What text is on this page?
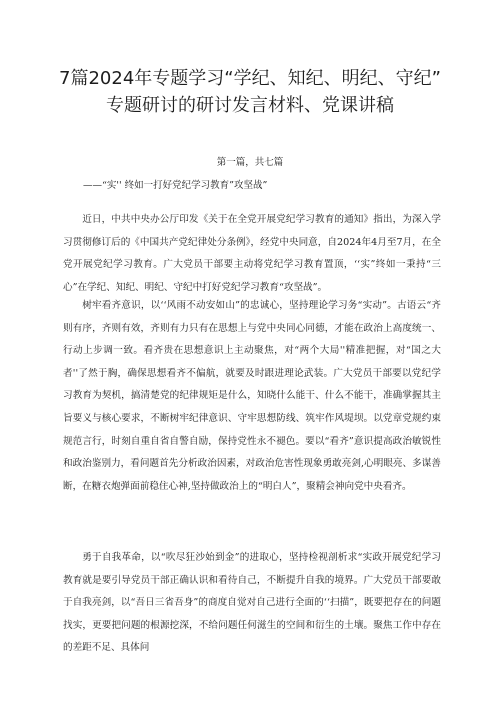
7篇2024年专题学习“学纪、知纪、明纪、守纪”
专题研讨的研讨发言材料、党课讲稿
第一篇，共七篇
——“实'' 终如一打好党纪学习教育”攻坚战”

近日，中共中央办公厅印发《关于在全党开展党纪学习教育的通知》指出，为深入学习贯彻修订后的《中国共产党纪律处分条例》，经党中央同意，自2024年4月至7月，在全党开展党纪学习教育。广大党员干部要主动将党纪学习教育置顶，‘‘实”终如一秉持“三心”在学纪、知纪、明纪、守纪中打好党纪学习教育“攻坚战”。

树牢看齐意识，以‘‘风雨不动安如山”的忠诚心，坚持理论学习务“实动”。古语云“齐则有序，齐则有效，齐则有力只有在思想上与党中央同心同德，才能在政治上高度统一、行动上步调一致。看齐贵在思想意识上主动聚焦，对“两个大局''精准把握，对“国之大者''了然于胸，确保思想看齐不偏航，就要及时跟进理论武装。广大党员干部要以党纪学习教育为契机，搞清楚党的纪律规矩是什么，知晓什么能干、什么不能干，准确掌握其主旨要义与核心要求，不断树牢纪律意识、守牢思想防线、筑牢作风堤坝。以党章党规约束规范言行，时刻自重自省自警自励，保持党性永不褪色。要以“看齐”意识提高政治敏锐性和政治鉴别力，看问题首先分析政治因素，对政治危害性现象勇敢亮剑,心明眼亮、多谋善断，在糖衣炮弹面前稳住心神,坚持做政治上的“明白人”，聚精会神向党中央看齐。

勇于自我革命，以“吹尽狂沙始到金”的进取心，坚持检视剖析求“实政开展党纪学习教育就是要引导党员干部正确认识和看待自己，不断提升自我的境界。广大党员干部要敢于自我亮剑，以“吾日三省吾身”的商度自觉对自己进行全面的‘‘扫描”，既要把存在的问题找实，更要把问题的根源挖深，不给问题任何滋生的空间和衍生的土壤。聚焦工作中存在的差距不足、具体问
